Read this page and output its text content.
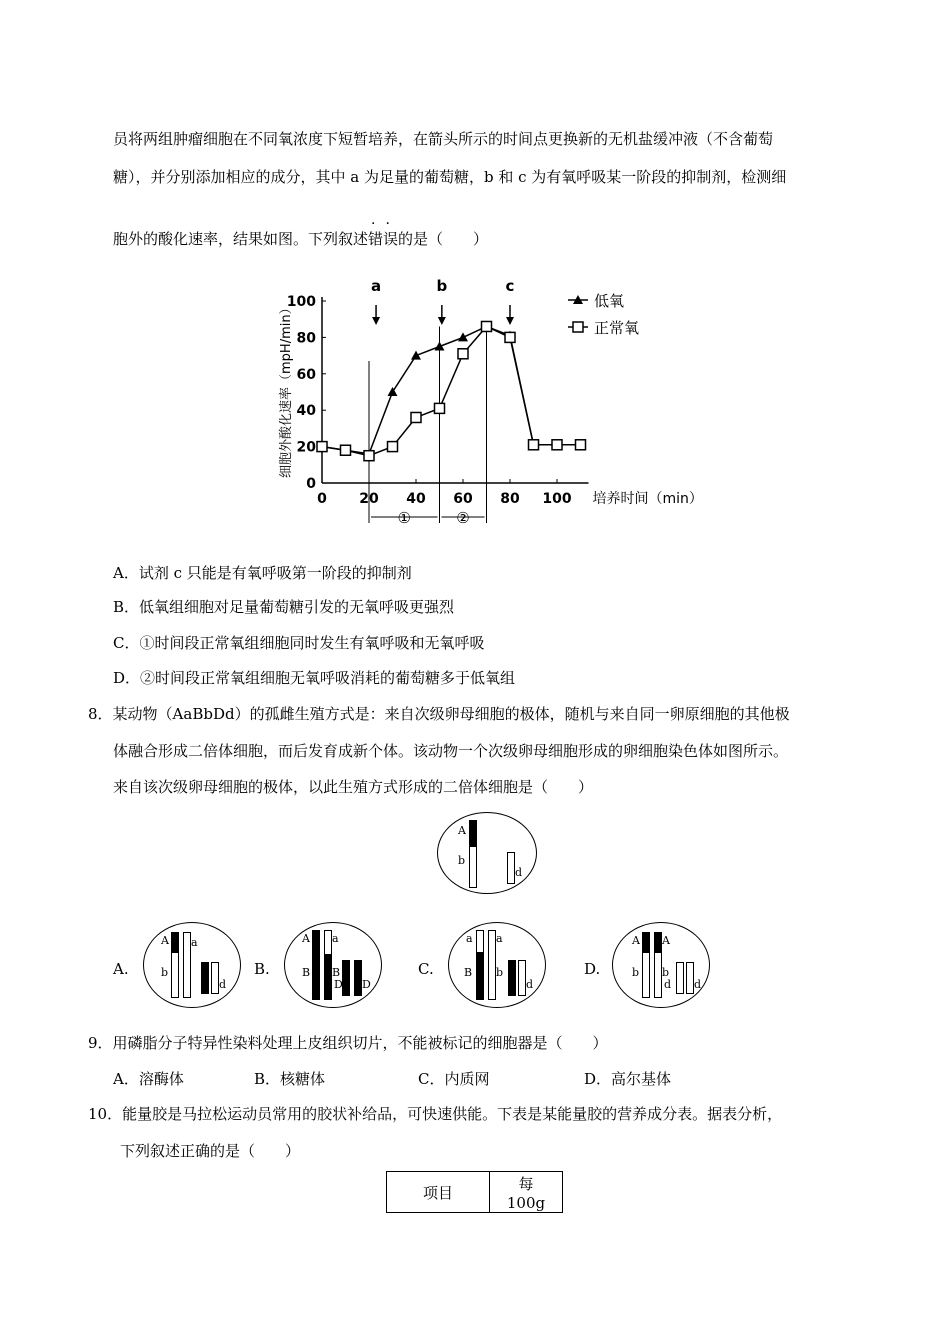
员将两组肿瘤细胞在不同氧浓度下短暂培养，在箭头所示的时间点更换新的无机盐缓冲液（不含葡萄
糖），并分别添加相应的成分，其中 a 为足量的葡萄糖，b 和 c 为有氧呼吸某一阶段的抑制剂，检测细
胞外的酸化速率，结果如图。下列叙述
··
错误的是（　　）
0 20 40 60 80 100
0
20
40
60
80
100
培养时间（min）
细胞外酸化速率（mpH/min）
①	②
a	b	c
低氧
正常氧
A．试剂 c 只能是有氧呼吸第一阶段的抑制剂
B．低氧组细胞对足量葡萄糖引发的无氧呼吸更强烈
C．①时间段正常氧组细胞同时发生有氧呼吸和无氧呼吸
D．②时间段正常氧组细胞无氧呼吸消耗的葡萄糖多于低氧组
8．某动物（AaBbDd）的孤雌生殖方式是：来自次级卵母细胞的极体，随机与来自同一卵原细胞的其他极
体融合形成二倍体细胞，而后发育成新个体。该动物一个次级卵母细胞形成的卵细胞染色体如图所示。
来自该次级卵母细胞的极体，以此生殖方式形成的二倍体细胞是（　　）
A
b
d
A.
A a
b
d
B.
A a
B B
D D
C.
a a
B b
d
D.
A A
b b
d d
9．用磷脂分子特异性染料处理上皮组织切片，不能被标记的细胞器是（　　）
A．溶酶体	B．核糖体	C．内质网	D．高尔基体
10．能量胶是马拉松运动员常用的胶状补给品，可快速供能。下表是某能量胶的营养成分表。据表分析，
下列叙述正确的是（　　）
项目	每 100g
